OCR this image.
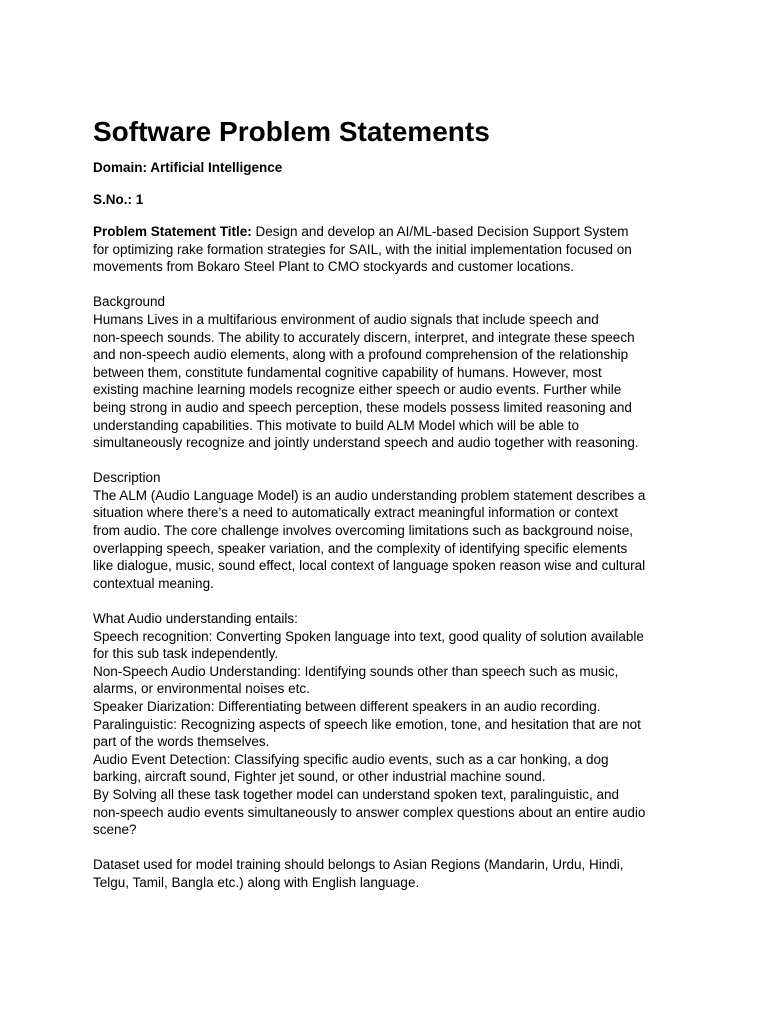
Software Problem Statements

Domain: Artificial Intelligence

S.No.: 1

Problem Statement Title: Design and develop an AI/ML-based Decision Support System
for optimizing rake formation strategies for SAIL, with the initial implementation focused on
movements from Bokaro Steel Plant to CMO stockyards and customer locations.

Background
Humans Lives in a multifarious environment of audio signals that include speech and
non-speech sounds. The ability to accurately discern, interpret, and integrate these speech
and non-speech audio elements, along with a profound comprehension of the relationship
between them, constitute fundamental cognitive capability of humans. However, most
existing machine learning models recognize either speech or audio events. Further while
being strong in audio and speech perception, these models possess limited reasoning and
understanding capabilities. This motivate to build ALM Model which will be able to
simultaneously recognize and jointly understand speech and audio together with reasoning.

Description
The ALM (Audio Language Model) is an audio understanding problem statement describes a
situation where there’s a need to automatically extract meaningful information or context
from audio. The core challenge involves overcoming limitations such as background noise,
overlapping speech, speaker variation, and the complexity of identifying specific elements
like dialogue, music, sound effect, local context of language spoken reason wise and cultural
contextual meaning.

What Audio understanding entails:
Speech recognition: Converting Spoken language into text, good quality of solution available
for this sub task independently.
Non-Speech Audio Understanding: Identifying sounds other than speech such as music,
alarms, or environmental noises etc.
Speaker Diarization: Differentiating between different speakers in an audio recording.
Paralinguistic: Recognizing aspects of speech like emotion, tone, and hesitation that are not
part of the words themselves.
Audio Event Detection: Classifying specific audio events, such as a car honking, a dog
barking, aircraft sound, Fighter jet sound, or other industrial machine sound.
By Solving all these task together model can understand spoken text, paralinguistic, and
non-speech audio events simultaneously to answer complex questions about an entire audio
scene?

Dataset used for model training should belongs to Asian Regions (Mandarin, Urdu, Hindi,
Telgu, Tamil, Bangla etc.) along with English language.
